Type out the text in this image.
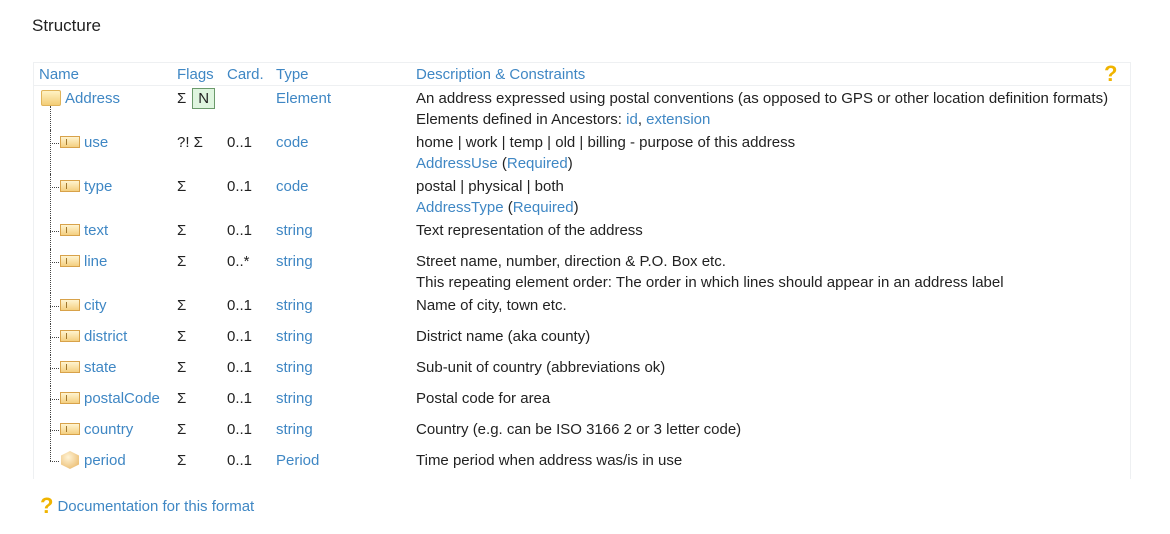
Structure
Name	Flags	Card.	Type	Description & Constraints ?

Address	Σ N		Element	An address expressed using postal conventions (as opposed to GPS or other location definition formats)
Elements defined in Ancestors: id, extension

use	?! Σ	0..1	code	home | work | temp | old | billing - purpose of this address
AddressUse (Required)

type	Σ	0..1	code	postal | physical | both
AddressType (Required)

text	Σ	0..1	string	Text representation of the address

line	Σ	0..*	string	Street name, number, direction & P.O. Box etc.
This repeating element order: The order in which lines should appear in an address label

city	Σ	0..1	string	Name of city, town etc.

district	Σ	0..1	string	District name (aka county)

state	Σ	0..1	string	Sub-unit of country (abbreviations ok)

postalCode	Σ	0..1	string	Postal code for area

country	Σ	0..1	string	Country (e.g. can be ISO 3166 2 or 3 letter code)

period	Σ	0..1	Period	Time period when address was/is in use
? Documentation for this format
